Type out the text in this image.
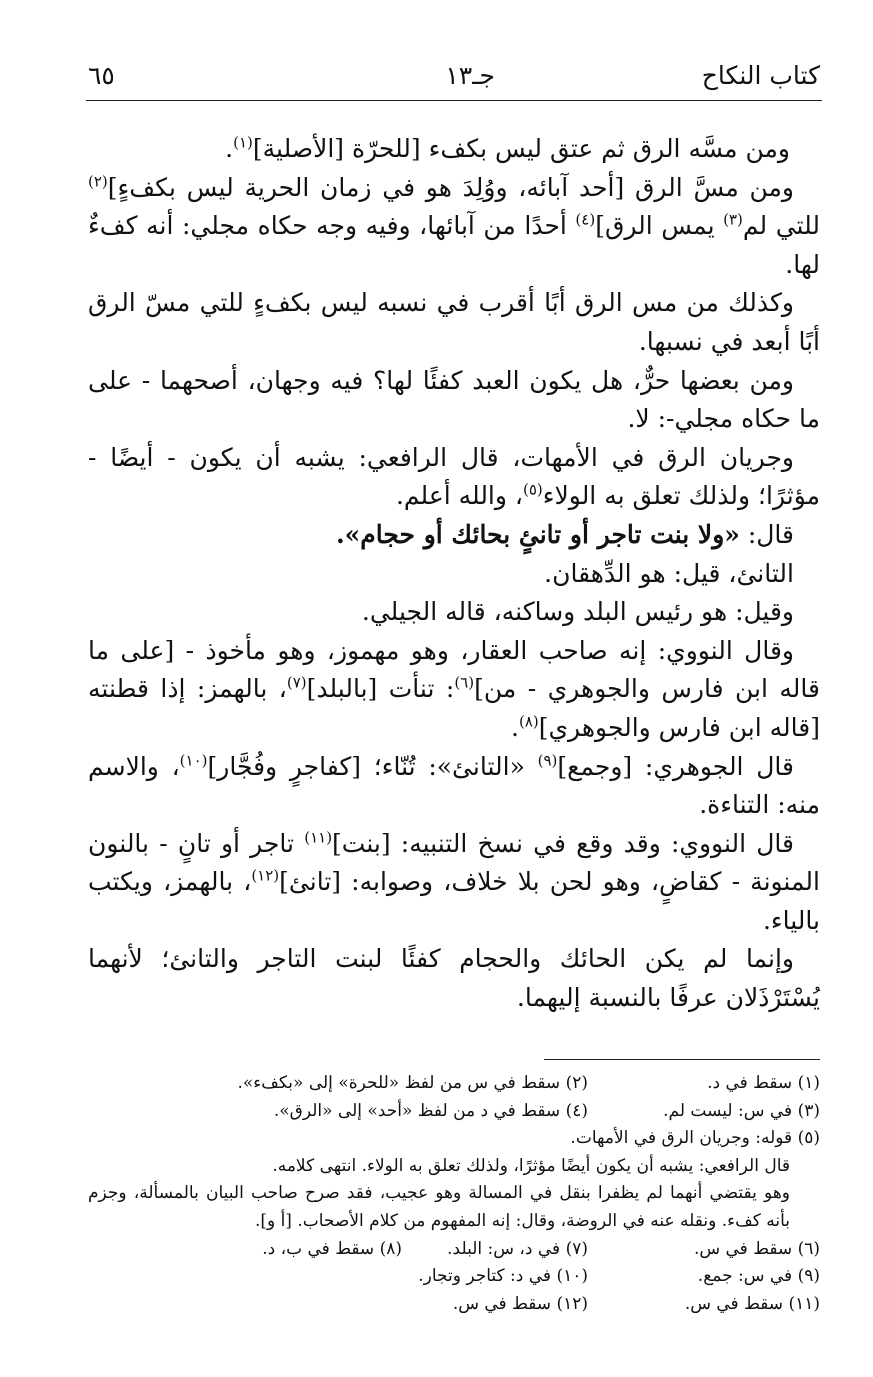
كتاب النكاح
جـ١٣
٦٥

ومن مسَّه الرق ثم عتق ليس بكفء [للحرّة [الأصلية]$^{(١)}$.

ومن مسَّ الرق [أحد آبائه، ووُلِدَ هو في زمان الحرية ليس بكفءٍ]$^{(٢)}$ للتي لم$^{(٣)}$ يمس الرق]$^{(٤)}$ أحدًا من آبائها، وفيه وجه حكاه مجلي: أنه كفءٌ لها.

وكذلك من مس الرق أبًا أقرب في نسبه ليس بكفءٍ للتي مسّ الرق أبًا أبعد في نسبها.

ومن بعضها حرٌّ، هل يكون العبد كفئًا لها؟ فيه وجهان، أصحهما - على ما حكاه مجلي-: لا.

وجريان الرق في الأمهات، قال الرافعي: يشبه أن يكون - أيضًا - مؤثرًا؛ ولذلك تعلق به الولاء$^{(٥)}$، والله أعلم.

قال: «ولا بنت تاجر أو تانئٍ بحائك أو حجام».

التانئ، قيل: هو الدِّهقان.

وقيل: هو رئيس البلد وساكنه، قاله الجيلي.

وقال النووي: إنه صاحب العقار، وهو مهموز، وهو مأخوذ - [على ما قاله ابن فارس والجوهري - من]$^{(٦)}$: تنأت [بالبلد]$^{(٧)}$، بالهمز: إذا قطنته [قاله ابن فارس والجوهري]$^{(٨)}$.

قال الجوهري: [وجمع]$^{(٩)}$ «التانئ»: تُنّاء؛ [كفاجرٍ وفُجَّار]$^{(١٠)}$، والاسم منه: التناءة.

قال النووي: وقد وقع في نسخ التنبيه: [بنت]$^{(١١)}$ تاجر أو تانٍ - بالنون المنونة - كقاضٍ، وهو لحن بلا خلاف، وصوابه: [تانئ]$^{(١٢)}$، بالهمز، ويكتب بالياء.

وإنما لم يكن الحائك والحجام كفئًا لبنت التاجر والتانئ؛ لأنهما يُسْتَرْذَلان عرفًا بالنسبة إليهما.

(١) سقط في د.
(٢) سقط في س من لفظ «للحرة» إلى «بكفء».
(٣) في س: ليست لم.
(٤) سقط في د من لفظ «أحد» إلى «الرق».
(٥) قوله: وجريان الرق في الأمهات.
قال الرافعي: يشبه أن يكون أيضًا مؤثرًا، ولذلك تعلق به الولاء. انتهى كلامه.
وهو يقتضي أنهما لم يظفرا بنقل في المسالة وهو عجيب، فقد صرح صاحب البيان بالمسألة، وجزم بأنه كفء. ونقله عنه في الروضة، وقال: إنه المفهوم من كلام الأصحاب. [أ و].
(٦) سقط في س.
(٧) في د، س: البلد.
(٨) سقط في ب، د.
(٩) في س: جمع.
(١٠) في د: كتاجر وتجار.
(١١) سقط في س.
(١٢) سقط في س.
